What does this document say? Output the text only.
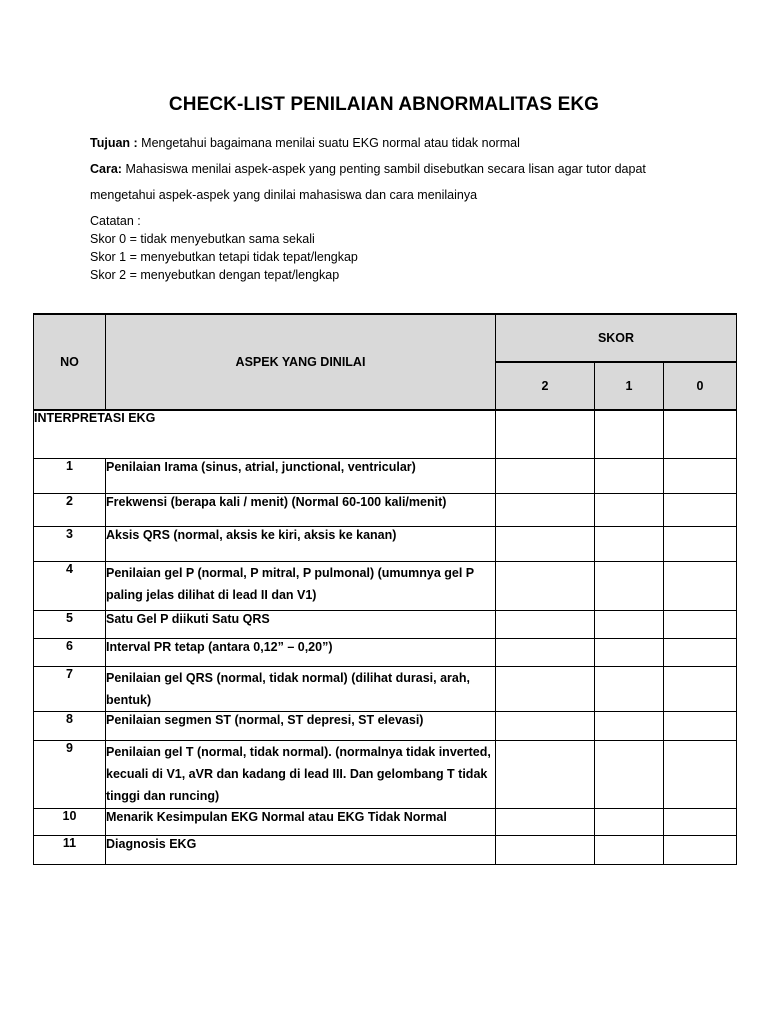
CHECK-LIST PENILAIAN ABNORMALITAS EKG
Tujuan : Mengetahui bagaimana menilai suatu EKG normal atau tidak normal
Cara: Mahasiswa menilai aspek-aspek yang penting sambil disebutkan secara lisan agar tutor dapat
mengetahui aspek-aspek yang dinilai mahasiswa dan cara menilainya
Catatan :
Skor 0 = tidak menyebutkan sama sekali
Skor 1 = menyebutkan tetapi tidak tepat/lengkap
Skor 2 = menyebutkan dengan tepat/lengkap
NO	ASPEK YANG DINILAI	SKOR		
		2	1	0
INTERPRETASI EKG				
1	Penilaian Irama (sinus, atrial, junctional, ventricular)			
2	Frekwensi (berapa kali / menit) (Normal 60-100 kali/menit)			
3	Aksis QRS (normal, aksis ke kiri, aksis ke kanan)			
4	Penilaian gel P (normal, P mitral, P pulmonal) (umumnya gel P paling jelas dilihat di lead II dan V1)			
5	Satu Gel P diikuti Satu QRS			
6	Interval PR tetap (antara 0,12” – 0,20”)			
7	Penilaian gel QRS (normal, tidak normal) (dilihat durasi, arah, bentuk)			
8	Penilaian segmen ST (normal, ST depresi, ST elevasi)			
9	Penilaian gel T (normal, tidak normal). (normalnya tidak inverted, kecuali di V1, aVR dan kadang di lead III. Dan gelombang T tidak tinggi dan runcing)			
10	Menarik Kesimpulan EKG Normal atau EKG Tidak Normal			
11	Diagnosis EKG			
